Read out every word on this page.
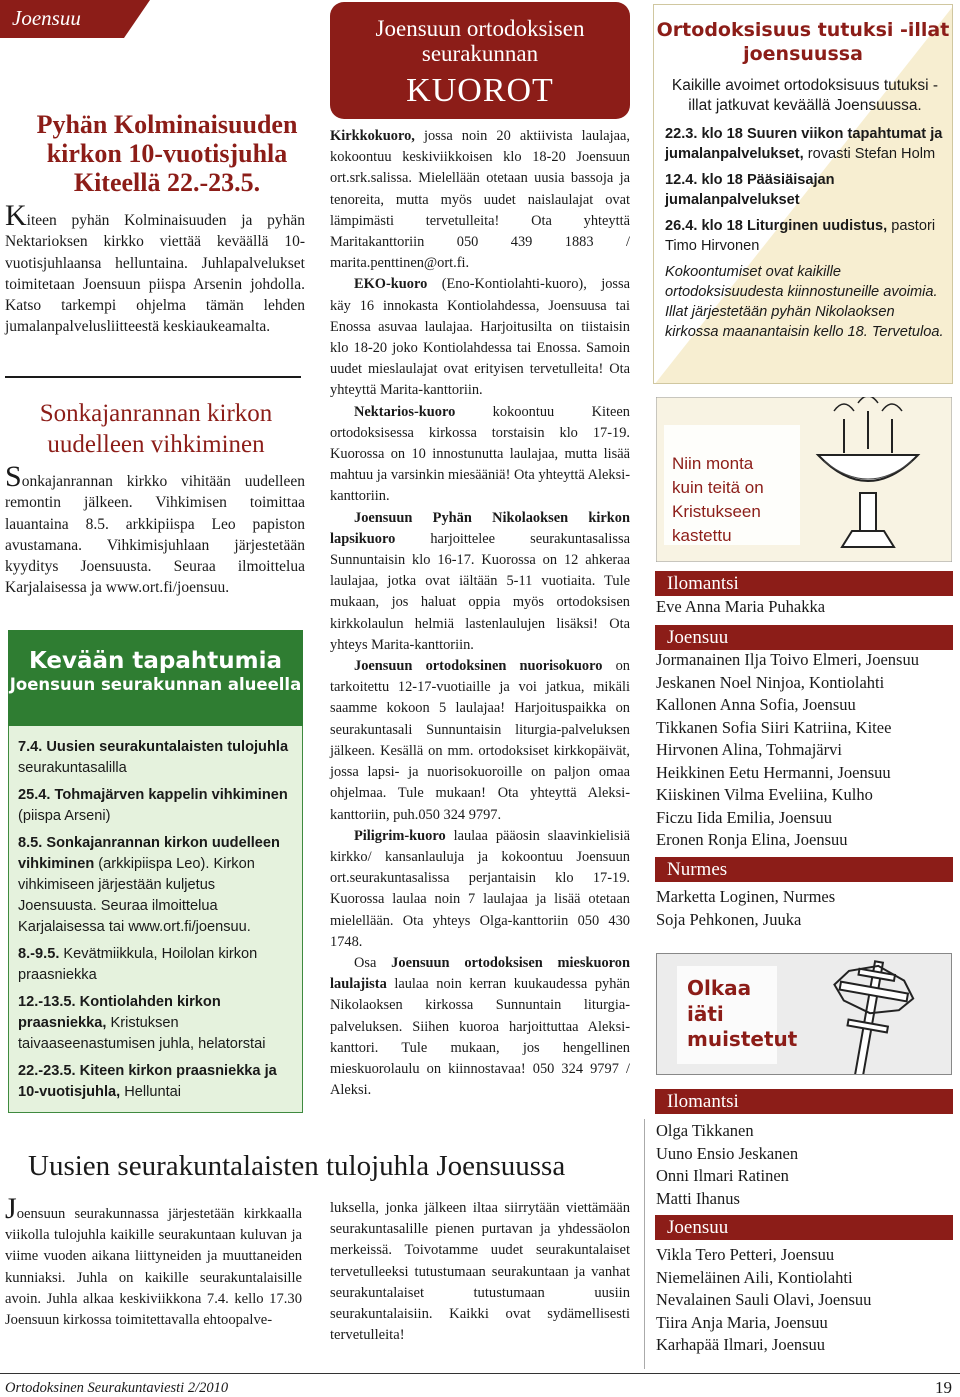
Joensuu
Pyhän Kolminaisuuden kirkon 10-vuotisjuhla Kiteellä 22.-23.5.

Kiteen pyhän Kolminaisuuden ja pyhän Nektarioksen kirkko viettää keväällä 10-vuotisjuhlaansa helluntaina. Juhlapalvelukset toimitetaan Joensuun piispa Arsenin johdolla. Katso tarkempi ohjelma tämän lehden jumalanpalvelusliitteestä keskiaukeamalta.

Sonkajanrannan kirkon uudelleen vihkiminen

Sonkajanrannan kirkko vihitään uudelleen remontin jälkeen. Vihkimisen toimittaa lauantaina 8.5. arkkipiispa Leo papiston avustamana. Vihkimisjuhlaan järjestetään kyyditys Joensuusta. Seuraa ilmoittelua Karjalaisessa ja www.ort.fi/joensuu.

Kevään tapahtumia
Joensuun seurakunnan alueella

7.4. Uusien seurakuntalaisten tulojuhla seurakuntasalilla

25.4. Tohmajärven kappelin vihkiminen (piispa Arseni)

8.5. Sonkajanrannan kirkon uudelleen vihkiminen (arkkipiispa Leo). Kirkon vihkimiseen järjestään kuljetus Joensuusta. Seuraa ilmoittelua Karjalaisessa tai www.ort.fi/joensuu.

8.-9.5. Kevätmiikkula, Hoilolan kirkon praasniekka

12.-13.5. Kontiolahden kirkon praasniekka, Kristuksen taivaaseenastumisen juhla, helatorstai

22.-23.5. Kiteen kirkon praasniekka ja 10-vuotisjuhla, Helluntai

Joensuun ortodoksisen seurakunnan
KUOROT

Kirkkokuoro, jossa noin 20 aktiivista laulajaa, kokoontuu keskiviikkoisen klo 18-20 Joensuun ort.srk.salissa. Mielellään otetaan uusia bassoja ja tenoreita, mutta myös uudet naislaulajat ovat lämpimästi tervetulleita! Ota yhteyttä Maritakanttoriin 050 439 1883 / marita.penttinen@ort.fi.

EKO-kuoro (Eno-Kontiolahti-kuoro), jossa käy 16 innokasta Kontiolahdessa, Joensuusa tai Enossa asuvaa laulajaa. Harjoitusilta on tiistaisin klo 18-20 joko Kontiolahdessa tai Enossa. Samoin uudet mieslaulajat ovat erityisen tervetulleita! Ota yhteyttä Marita-kanttoriin.

Nektarios-kuoro kokoontuu Kiteen ortodoksisessa kirkossa torstaisin klo 17-19. Kuorossa on 10 innostunutta laulajaa, mutta lisää mahtuu ja varsinkin miesääniä! Ota yhteyttä Aleksi-kanttoriin.

Joensuun Pyhän Nikolaoksen kirkon lapsikuoro harjoittelee seurakuntasalissa Sunnuntaisin klo 16-17. Kuorossa on 12 ahkeraa laulajaa, jotka ovat iältään 5-11 vuotiaita. Tule mukaan, jos haluat oppia myös ortodoksisen kirkkolaulun helmiä lastenlaulujen lisäksi! Ota yhteys Marita-kanttoriin.

Joensuun ortodoksinen nuorisokuoro on tarkoitettu 12-17-vuotiaille ja voi jatkua, mikäli saamme kokoon 5 laulajaa! Harjoituspaikka on seurakuntasali Sunnuntaisin liturgia-palveluksen jälkeen. Kesällä on mm. ortodoksiset kirkkopäivät, jossa lapsi- ja nuorisokuoroille on paljon omaa ohjelmaa. Tule mukaan! Ota yhteyttä Aleksi-kanttoriin, puh.050 324 9797.

Piligrim-kuoro laulaa pääosin slaavinkielisiä kirkko/ kansanlauluja ja kokoontuu Joensuun ort.seurakuntasalissa perjantaisin klo 17-19. Kuorossa laulaa noin 7 laulajaa ja lisää otetaan mielellään. Ota yhteys Olga-kanttoriin 050 430 1748.

Osa Joensuun ortodoksisen mieskuoron laulajista laulaa noin kerran kuukaudessa pyhän Nikolaoksen kirkossa Sunnuntain liturgia-palveluksen. Siihen kuoroa harjoittuttaa Aleksi-kanttori. Tule mukaan, jos hengellinen mieskuorolaulu on kiinnostavaa! 050 324 9797 / Aleksi.

Ortodoksisuus tutuksi -illat joensuussa

Kaikille avoimet ortodoksisuus tutuksi -illat jatkuvat keväällä Joensuussa.

22.3. klo 18 Suuren viikon tapahtumat ja jumalanpalvelukset, rovasti Stefan Holm

12.4. klo 18 Pääsiäisajan jumalanpalvelukset

26.4. klo 18 Liturginen uudistus, pastori Timo Hirvonen

Kokoontumiset ovat kaikille ortodoksisuudesta kiinnostuneille avoimia. Illat järjestetään pyhän Nikolaoksen kirkossa maanantaisin kello 18. Tervetuloa.

Niin monta
kuin teitä on
Kristukseen
kastettu
Ilomantsi
Eve Anna Maria Puhakka
Joensuu
Jormanainen Ilja Toivo Elmeri, Joensuu
Jeskanen Noel Ninjoa, Kontiolahti
Kallonen Anna Sofia, Joensuu
Tikkanen Sofia Siiri Katriina, Kitee
Hirvonen Alina, Tohmajärvi
Heikkinen Eetu Hermanni, Joensuu
Kiiskinen Vilma Eveliina, Kulho
Ficzu Iida Emilia, Joensuu
Eronen Ronja Elina, Joensuu
Nurmes
Marketta Loginen, Nurmes
Soja Pehkonen, Juuka
Olkaa iäti muistetut
Ilomantsi
Olga Tikkanen
Uuno Ensio Jeskanen
Onni Ilmari Ratinen
Matti Ihanus
Joensuu
Vikla Tero Petteri, Joensuu
Niemeläinen Aili, Kontiolahti
Nevalainen Sauli Olavi, Joensuu
Tiira Anja Maria, Joensuu
Karhapää Ilmari, Joensuu
Uusien seurakuntalaisten tulojuhla Joensuussa

Joensuun seurakunnassa järjestetään kirkkaalla viikolla tulojuhla kaikille seurakuntaan kuluvan ja viime vuoden aikana liittyneiden ja muuttaneiden kunniaksi. Juhla on kaikille seurakuntalaisille avoin. Juhla alkaa keskiviikkona 7.4. kello 17.30 Joensuun kirkossa toimitettavalla ehtoopalve-

luksella, jonka jälkeen iltaa siirrytään viettämään seurakuntasalille pienen purtavan ja yhdessäolon merkeissä. Toivotamme uudet seurakuntalaiset tervetulleeksi tutustumaan seurakuntaan ja vanhat seurakuntalaiset tutustumaan uusiin seurakuntalaisiin. Kaikki ovat sydämellisesti tervetulleita!

Ortodoksinen Seurakuntaviesti 2/2010	19
